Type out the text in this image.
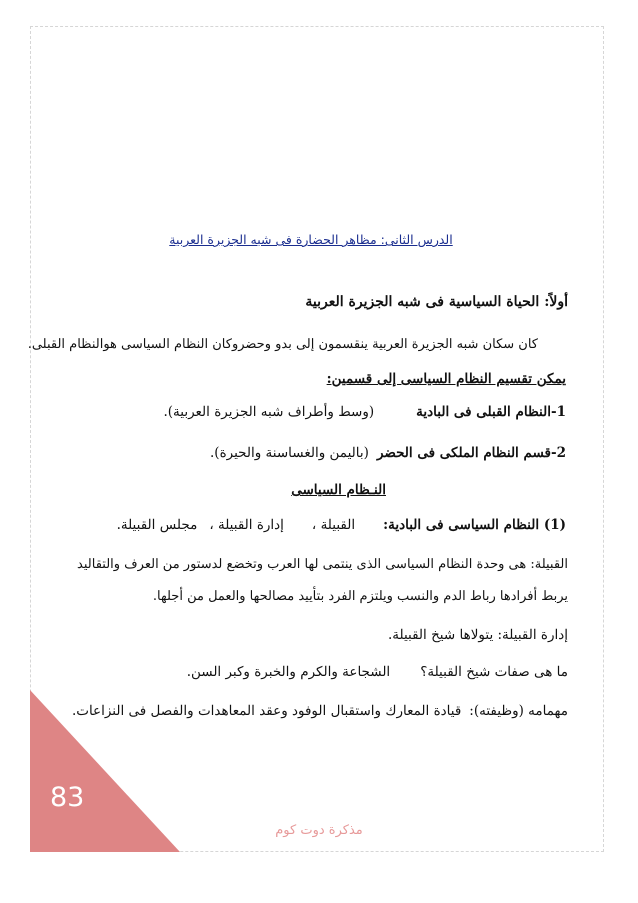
الدرس الثانى: مظاهر الحضارة فى شبه الجزيرة العربية
أولاً: الحياة السياسية فى شبه الجزيرة العربية
كان سكان شبه الجزيرة العربية ينقسمون إلى بدو وحضروكان النظام السياسى هوالنظام القبلى.
يمكن تقسيم النظام السياسى إلى قسمين:
1-النظام القبلى فى البادية(وسط وأطراف شبه الجزيرة العربية).
2-قسم النظام الملكى فى الحضر(باليمن والغساسنة والحيرة).
النـظام السياسى
(1) النظام السياسى فى البادية:القبيلة ،إدارة القبيلة ،مجلس القبيلة.
القبيلة: هى وحدة النظام السياسى الذى ينتمى لها العرب وتخضع لدستور من العرف والتقاليد
يربط أفرادها رباط الدم والنسب ويلتزم الفرد بتأييد مصالحها والعمل من أجلها.
إدارة القبيلة: يتولاها شيخ القبيلة.
ما هى صفات شيخ القبيلة؟الشجاعة والكرم والخبرة وكبر السن.
مهمامه (وظيفته):قيادة المعارك واستقبال الوفود وعقد المعاهدات والفصل فى النزاعات.
83
مذكرة دوت كوم
